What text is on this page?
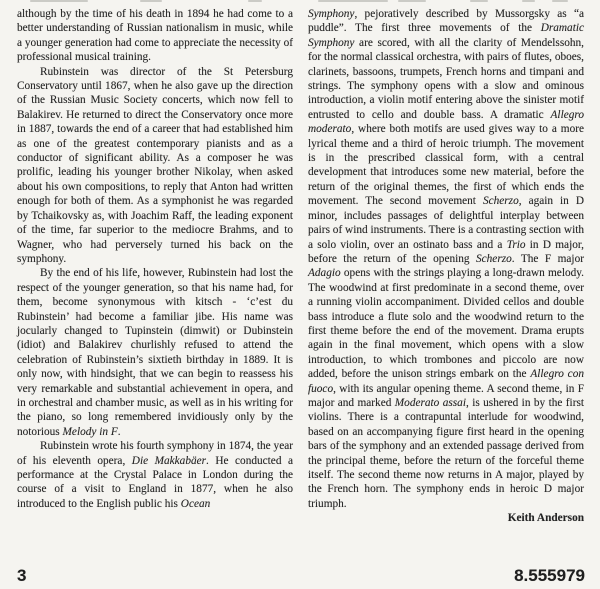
although by the time of his death in 1894 he had come to a better understanding of Russian nationalism in music, while a younger generation had come to appreciate the necessity of professional musical training.

Rubinstein was director of the St Petersburg Conservatory until 1867, when he also gave up the direction of the Russian Music Society concerts, which now fell to Balakirev. He returned to direct the Conservatory once more in 1887, towards the end of a career that had established him as one of the greatest contemporary pianists and as a conductor of significant ability. As a composer he was prolific, leading his younger brother Nikolay, when asked about his own compositions, to reply that Anton had written enough for both of them. As a symphonist he was regarded by Tchaikovsky as, with Joachim Raff, the leading exponent of the time, far superior to the mediocre Brahms, and to Wagner, who had perversely turned his back on the symphony.

By the end of his life, however, Rubinstein had lost the respect of the younger generation, so that his name had, for them, become synonymous with kitsch - ‘c’est du Rubinstein’ had become a familiar jibe. His name was jocularly changed to Tupinstein (dimwit) or Dubinstein (idiot) and Balakirev churlishly refused to attend the celebration of Rubinstein’s sixtieth birthday in 1889. It is only now, with hindsight, that we can begin to reassess his very remarkable and substantial achievement in opera, and in orchestral and chamber music, as well as in his writing for the piano, so long remembered invidiously only by the notorious Melody in F.

Rubinstein wrote his fourth symphony in 1874, the year of his eleventh opera, Die Makkabäer. He conducted a performance at the Crystal Palace in London during the course of a visit to England in 1877, when he also introduced to the English public his Ocean

Symphony, pejoratively described by Mussorgsky as “a puddle”. The first three movements of the Dramatic Symphony are scored, with all the clarity of Mendelssohn, for the normal classical orchestra, with pairs of flutes, oboes, clarinets, bassoons, trumpets, French horns and timpani and strings. The symphony opens with a slow and ominous introduction, a violin motif entering above the sinister motif entrusted to cello and double bass. A dramatic Allegro moderato, where both motifs are used gives way to a more lyrical theme and a third of heroic triumph. The movement is in the prescribed classical form, with a central development that introduces some new material, before the return of the original themes, the first of which ends the movement. The second movement Scherzo, again in D minor, includes passages of delightful interplay between pairs of wind instruments. There is a contrasting section with a solo violin, over an ostinato bass and a Trio in D major, before the return of the opening Scherzo. The F major Adagio opens with the strings playing a long-drawn melody. The woodwind at first predominate in a second theme, over a running violin accompaniment. Divided cellos and double bass introduce a flute solo and the woodwind return to the first theme before the end of the movement. Drama erupts again in the final movement, which opens with a slow introduction, to which trombones and piccolo are now added, before the unison strings embark on the Allegro con fuoco, with its angular opening theme. A second theme, in F major and marked Moderato assai, is ushered in by the first violins. There is a contrapuntal interlude for woodwind, based on an accompanying figure first heard in the opening bars of the symphony and an extended passage derived from the principal theme, before the return of the forceful theme itself. The second theme now returns in A major, played by the French horn. The symphony ends in heroic D major triumph.

Keith Anderson

3	8.555979
